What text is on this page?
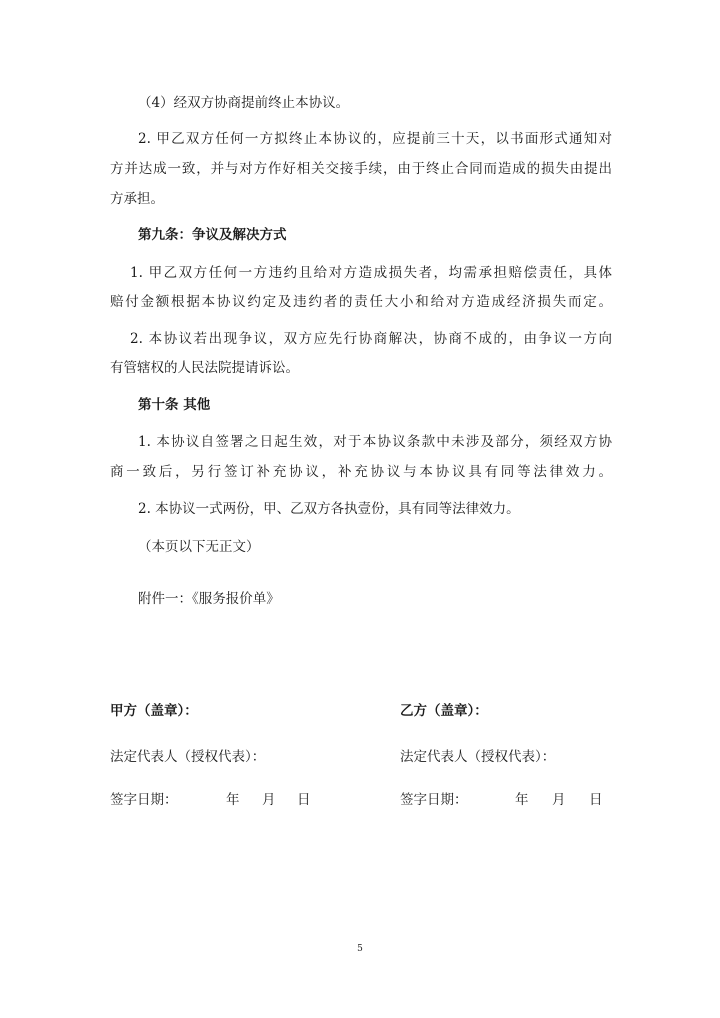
（4）经双方协商提前终止本协议。
2. 甲乙双方任何一方拟终止本协议的，应提前三十天，以书面形式通知对
方并达成一致，并与对方作好相关交接手续，由于终止合同而造成的损失由提出
方承担。
第九条：争议及解决方式
1. 甲乙双方任何一方违约且给对方造成损失者，均需承担赔偿责任，具体
赔付金额根据本协议约定及违约者的责任大小和给对方造成经济损失而定。
2. 本协议若出现争议，双方应先行协商解决，协商不成的，由争议一方向
有管辖权的人民法院提请诉讼。
第十条 其他
1. 本协议自签署之日起生效，对于本协议条款中未涉及部分，须经双方协
商一致后，另行签订补充协议，补充协议与本协议具有同等法律效力。
2. 本协议一式两份，甲、乙双方各执壹份，具有同等法律效力。
（本页以下无正文）
附件一：《服务报价单》
甲方（盖章）：
法定代表人（授权代表）：
签字日期：	年 月 日
乙方（盖章）：
法定代表人（授权代表）：
签字日期：	年 月 日
5
